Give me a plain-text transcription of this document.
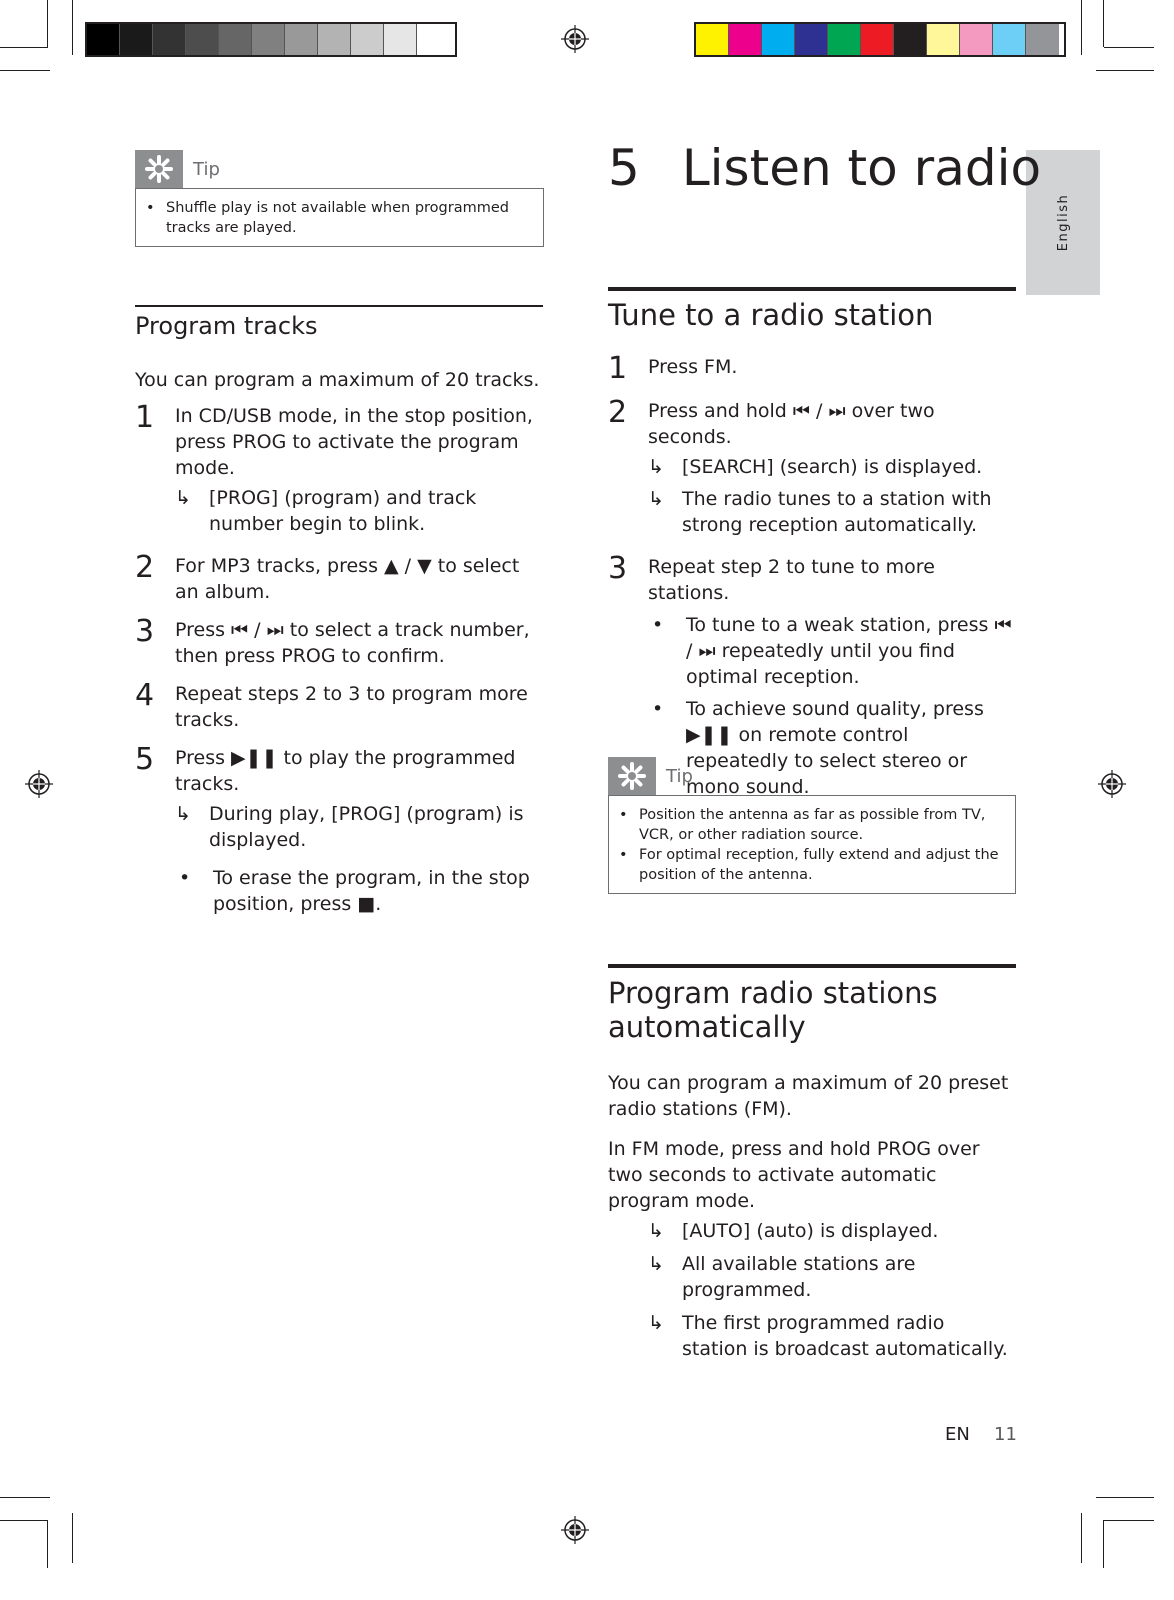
English
Tip
• Shuffle play is not available when programmed tracks are played.
Program tracks

You can program a maximum of 20 tracks.

1	In CD/USB mode, in the stop position, press PROG to activate the program mode.
↳ [PROG] (program) and track number begin to blink.
2	For MP3 tracks, press ▲ / ▼ to select an album.
3	Press ⏮ / ⏭ to select a track number, then press PROG to confirm.
4	Repeat steps 2 to 3 to program more tracks.
5	Press ▶❚❚ to play the programmed tracks.
↳ During play, [PROG] (program) is displayed.
•	To erase the program, in the stop position, press ■.
5 Listen to radio
Tune to a radio station
1	Press FM.
2	Press and hold ⏮ / ⏭ over two seconds.
↳ [SEARCH] (search) is displayed.
↳ The radio tunes to a station with strong reception automatically.
3	Repeat step 2 to tune to more stations.
•	To tune to a weak station, press ⏮ / ⏭ repeatedly until you find optimal reception.
•	To achieve sound quality, press ▶❚❚ on remote control repeatedly to select stereo or mono sound.
Tip
• Position the antenna as far as possible from TV, VCR, or other radiation source.
• For optimal reception, fully extend and adjust the position of the antenna.
Program radio stations
automatically

You can program a maximum of 20 preset radio stations (FM).

In FM mode, press and hold PROG over two seconds to activate automatic program mode.

↳ [AUTO] (auto) is displayed.
↳ All available stations are programmed.
↳ The first programmed radio station is broadcast automatically.
EN 11
